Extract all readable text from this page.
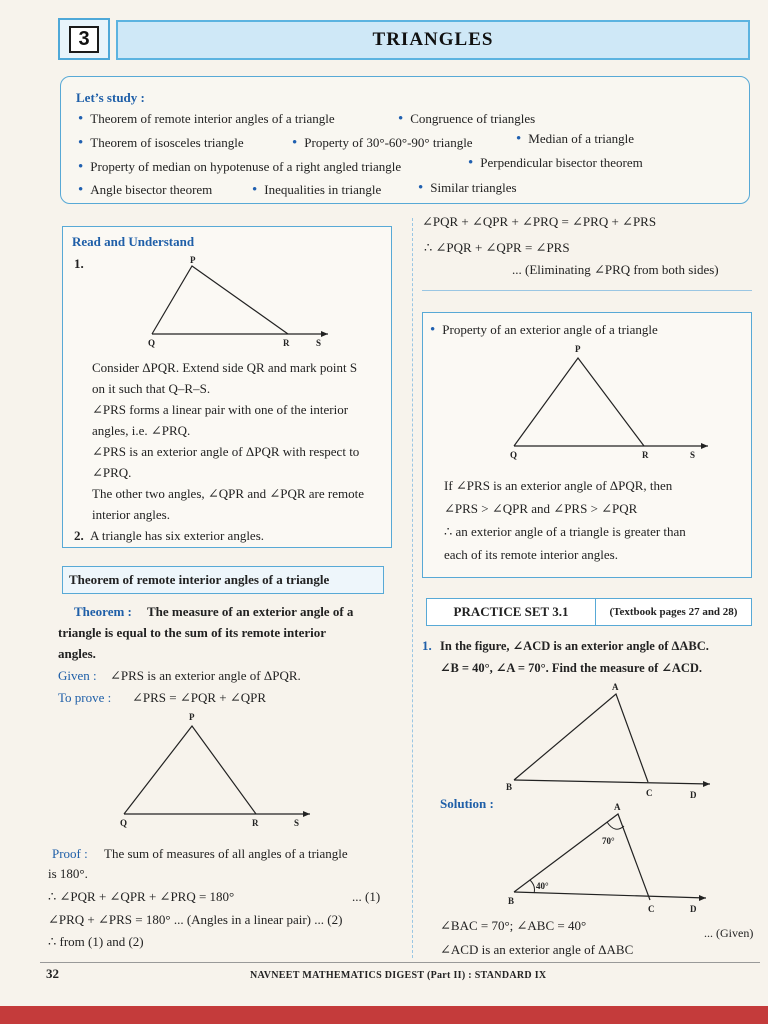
3	TRIANGLES
Let’s study :
• Theorem of remote interior angles of a triangle	• Congruence of triangles
• Theorem of isosceles triangle	• Property of 30°-60°-90° triangle	• Median of a triangle
• Property of median on hypotenuse of a right angled triangle	• Perpendicular bisector theorem
• Angle bisector theorem	• Inequalities in triangle	• Similar triangles
Read and Understand
1.	P
Q	R	S
Consider ΔPQR. Extend side QR and mark point S
on it such that Q–R–S.
∠PRS forms a linear pair with one of the interior
angles, i.e. ∠PRQ.
∠PRS is an exterior angle of ΔPQR with respect to
∠PRQ.
The other two angles, ∠QPR and ∠PQR are remote
interior angles.
2. A triangle has six exterior angles.
Theorem of remote interior angles of a triangle
Theorem : The measure of an exterior angle of a
triangle is equal to the sum of its remote interior
angles.
Given : ∠PRS is an exterior angle of ΔPQR.
To prove : ∠PRS = ∠PQR + ∠QPR
P
Q	R	S
Proof : The sum of measures of all angles of a triangle
is 180°.
∴ ∠PQR + ∠QPR + ∠PRQ = 180°	... (1)
∠PRQ + ∠PRS = 180° ... (Angles in a linear pair) ... (2)
∴ from (1) and (2)
∠PQR + ∠QPR + ∠PRQ = ∠PRQ + ∠PRS
∴ ∠PQR + ∠QPR = ∠PRS
... (Eliminating ∠PRQ from both sides)
• Property of an exterior angle of a triangle
P
Q	R	S
If ∠PRS is an exterior angle of ΔPQR, then
∠PRS > ∠QPR and ∠PRS > ∠PQR
∴ an exterior angle of a triangle is greater than
each of its remote interior angles.
PRACTICE SET 3.1	(Textbook pages 27 and 28)
1. In the figure, ∠ACD is an exterior angle of ΔABC.
∠B = 40°, ∠A = 70°. Find the measure of ∠ACD.
A
B
C	D
Solution :	A
70°
40°
B
C	D
∠BAC = 70°; ∠ABC = 40°	... (Given)
∠ACD is an exterior angle of ΔABC
32	NAVNEET MATHEMATICS DIGEST (Part II) : STANDARD IX
